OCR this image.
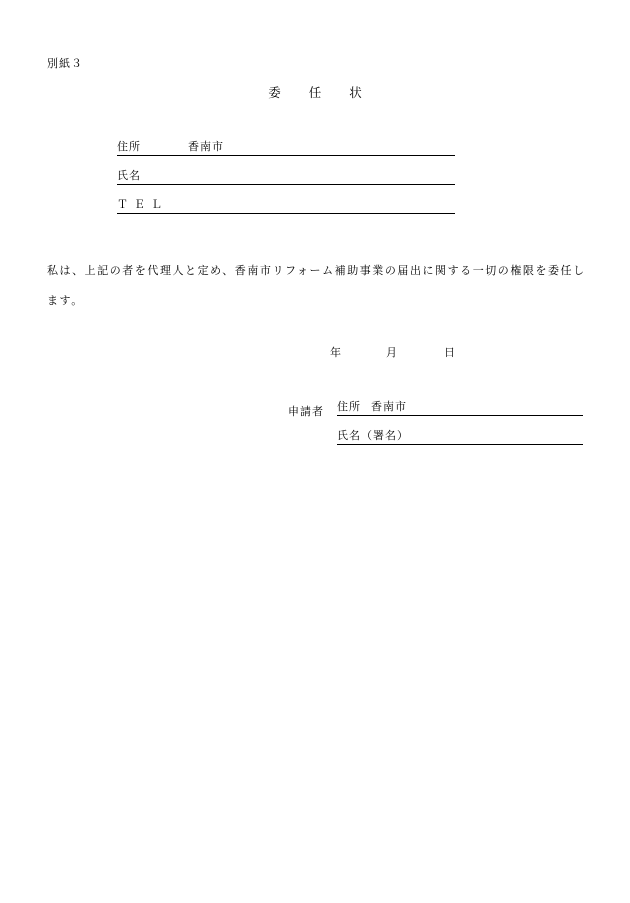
別紙３
委 任 状
住所	香南市
氏名
ＴＥＬ
私は、上記の者を代理人と定め、香南市リフォーム補助事業の届出に関する一切の権限を委任します。
年	月	日
申請者 住所 香南市
氏名（署名）
